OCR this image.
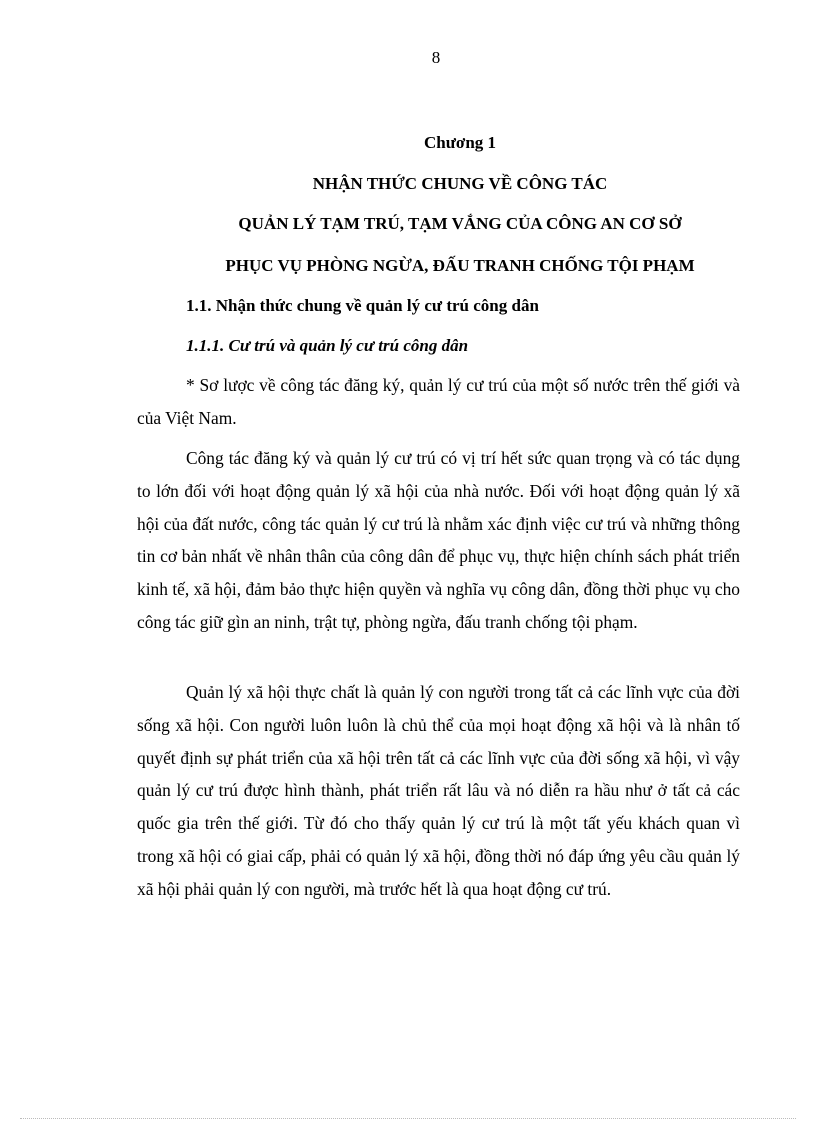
8
Chương 1
NHẬN THỨC CHUNG VỀ CÔNG TÁC
QUẢN LÝ TẠM TRÚ, TẠM VẮNG CỦA CÔNG AN CƠ SỞ
PHỤC VỤ PHÒNG NGỪA, ĐẤU TRANH CHỐNG TỘI PHẠM
1.1. Nhận thức chung về quản lý cư trú công dân
1.1.1. Cư trú và quản lý cư trú công dân

* Sơ lược về công tác đăng ký, quản lý cư trú của một số nước trên thế giới và của Việt Nam.

Công tác đăng ký và quản lý cư trú có vị trí hết sức quan trọng và có tác dụng to lớn đối với hoạt động quản lý xã hội của nhà nước. Đối với hoạt động quản lý xã hội của đất nước, công tác quản lý cư trú là nhằm xác định việc cư trú và những thông tin cơ bản nhất về nhân thân của công dân để phục vụ, thực hiện chính sách phát triển kinh tế, xã hội, đảm bảo thực hiện quyền và nghĩa vụ công dân, đồng thời phục vụ cho công tác giữ gìn an ninh, trật tự, phòng ngừa, đấu tranh chống tội phạm.

Quản lý xã hội thực chất là quản lý con người trong tất cả các lĩnh vực của đời sống xã hội. Con người luôn luôn là chủ thể của mọi hoạt động xã hội và là nhân tố quyết định sự phát triển của xã hội trên tất cả các lĩnh vực của đời sống xã hội, vì vậy quản lý cư trú được hình thành, phát triển rất lâu và nó diễn ra hầu như ở tất cả các quốc gia trên thế giới. Từ đó cho thấy quản lý cư trú là một tất yếu khách quan vì trong xã hội có giai cấp, phải có quản lý xã hội, đồng thời nó đáp ứng yêu cầu quản lý xã hội phải quản lý con người, mà trước hết là qua hoạt động cư trú.
